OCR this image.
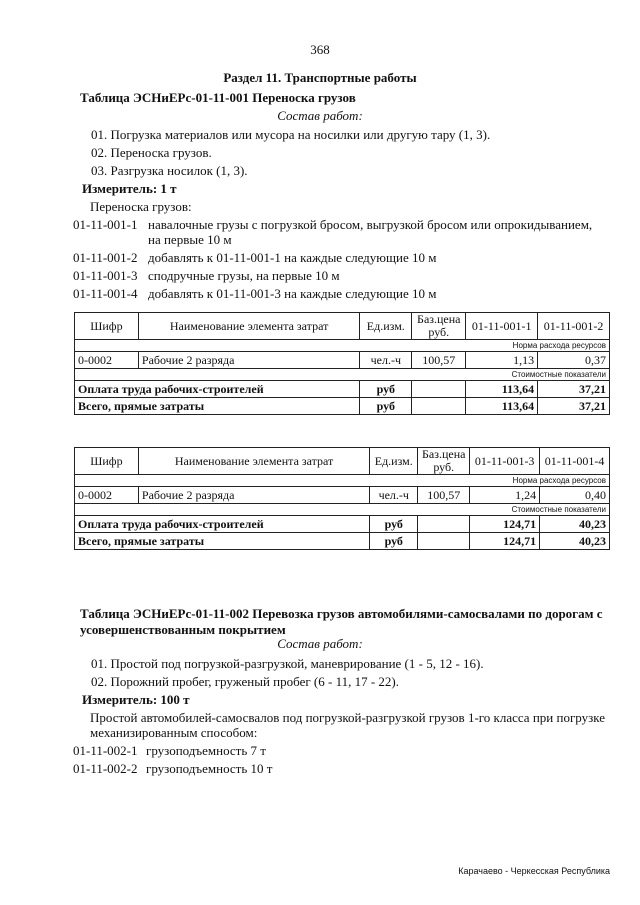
368
Раздел 11. Транспортные работы
Таблица ЭСНиЕРс-01-11-001 Переноска грузов
Состав работ:
01. Погрузка материалов или мусора на носилки или другую тару (1, 3).
02. Переноска грузов.
03. Разгрузка носилок (1, 3).
Измеритель: 1 т
Переноска грузов:
01-11-001-1 навалочные грузы с погрузкой бросом, выгрузкой бросом или опрокидыванием, на первые 10 м
01-11-001-2 добавлять к 01-11-001-1 на каждые следующие 10 м
01-11-001-3 сподручные грузы, на первые 10 м
01-11-001-4 добавлять к 01-11-001-3 на каждые следующие 10 м
Шифр	Наименование элемента затрат	Ед.изм.	Баз.цена руб.	01-11-001-1	01-11-001-2
Норма расхода ресурсов					
0-0002	Рабочие 2 разряда	чел.-ч	100,57	1,13	0,37
Стоимостные показатели					
Оплата труда рабочих-строителей		руб		113,64	37,21
Всего, прямые затраты		руб		113,64	37,21
Шифр	Наименование элемента затрат	Ед.изм.	Баз.цена руб.	01-11-001-3	01-11-001-4
Норма расхода ресурсов					
0-0002	Рабочие 2 разряда	чел.-ч	100,57	1,24	0,40
Стоимостные показатели					
Оплата труда рабочих-строителей		руб		124,71	40,23
Всего, прямые затраты		руб		124,71	40,23
Таблица ЭСНиЕРс-01-11-002 Перевозка грузов автомобилями-самосвалами по дорогам с усовершенствованным покрытием
Состав работ:
01. Простой под погрузкой-разгрузкой, маневрирование (1 - 5, 12 - 16).
02. Порожний пробег, груженый пробег (6 - 11, 17 - 22).
Измеритель: 100 т
Простой автомобилей-самосвалов под погрузкой-разгрузкой грузов 1-го класса при погрузке механизированным способом:
01-11-002-1 грузоподъемность 7 т
01-11-002-2 грузоподъемность 10 т
Карачаево - Черкесская Республика
